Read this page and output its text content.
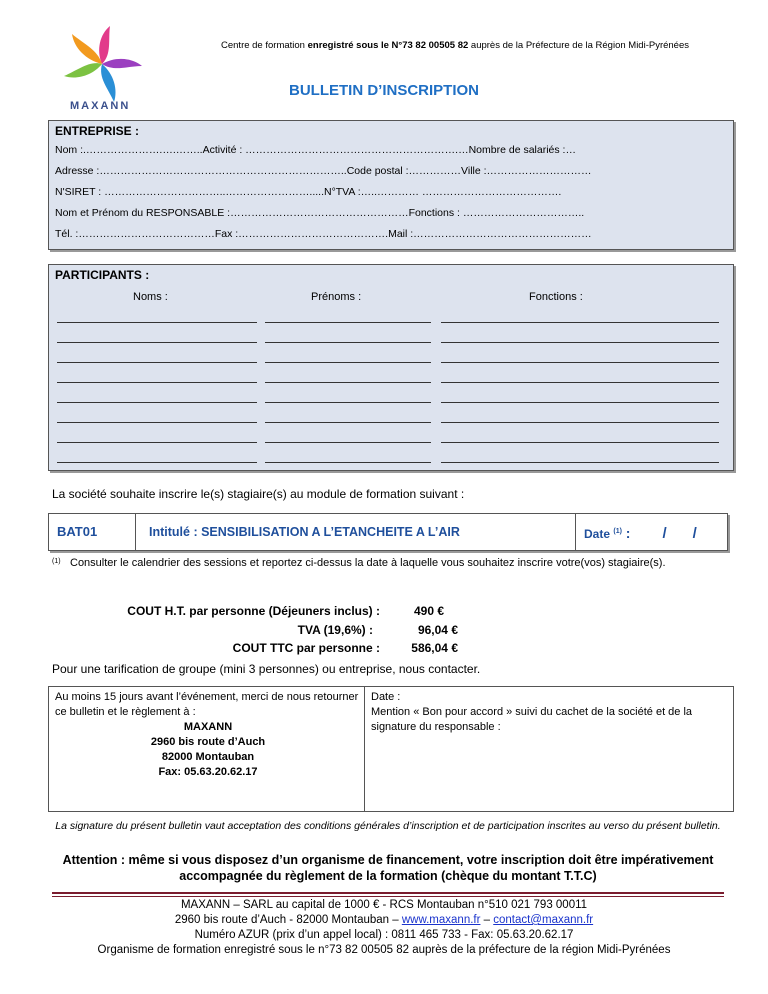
MAXANN
Centre de formation enregistré sous le N°73 82 00505 82 auprès de la Préfecture de la Région Midi-Pyrénées
BULLETIN D’INSCRIPTION
ENTREPRISE :
Nom :.………………….….……..Activité : …………………………………………………….…Nombre de salariés :…
Adresse :……………………………………………………………..Code postal :……………Ville :…………………………
N'SIRET : ……………………………..…………………….....N°TVA :…..………… ………………………………….
Nom et Prénom du RESPONSABLE :……………………………………………Fonctions : ……………………………..
Tél. :…………………………………Fax :…………………………………….Mail :……………………………………………
PARTICIPANTS :
Noms :	Prénoms :	Fonctions :
La société souhaite inscrire le(s) stagiaire(s) au module de formation suivant :
BAT01	Intitulé : SENSIBILISATION A L’ETANCHEITE A L’AIR	Date $^{(1)}$ : / /
(1) Consulter le calendrier des sessions et reportez ci-dessus la date à laquelle vous souhaitez inscrire votre(vos) stagiaire(s).
COUT H.T. par personne (Déjeuners inclus) :	490 €
TVA (19,6%) :	96,04 €
COUT TTC par personne :	586,04 €
Pour une tarification de groupe (mini 3 personnes) ou entreprise, nous contacter.
Au moins 15 jours avant l’événement, merci de nous retourner ce bulletin et le règlement à :
MAXANN
2960 bis route d’Auch
82000 Montauban
Fax: 05.63.20.62.17
Date :
Mention « Bon pour accord » suivi du cachet de la société et de la signature du responsable :
La signature du présent bulletin vaut acceptation des conditions générales d’inscription et de participation inscrites au verso du présent bulletin.
Attention : même si vous disposez d’un organisme de financement, votre inscription doit être impérativement accompagnée du règlement de la formation (chèque du montant T.T.C)
MAXANN – SARL au capital de 1000 € - RCS Montauban n°510 021 793 00011
2960 bis route d’Auch - 82000 Montauban – www.maxann.fr – contact@maxann.fr
Numéro AZUR (prix d’un appel local) : 0811 465 733 - Fax: 05.63.20.62.17
Organisme de formation enregistré sous le n°73 82 00505 82 auprès de la préfecture de la région Midi-Pyrénées
